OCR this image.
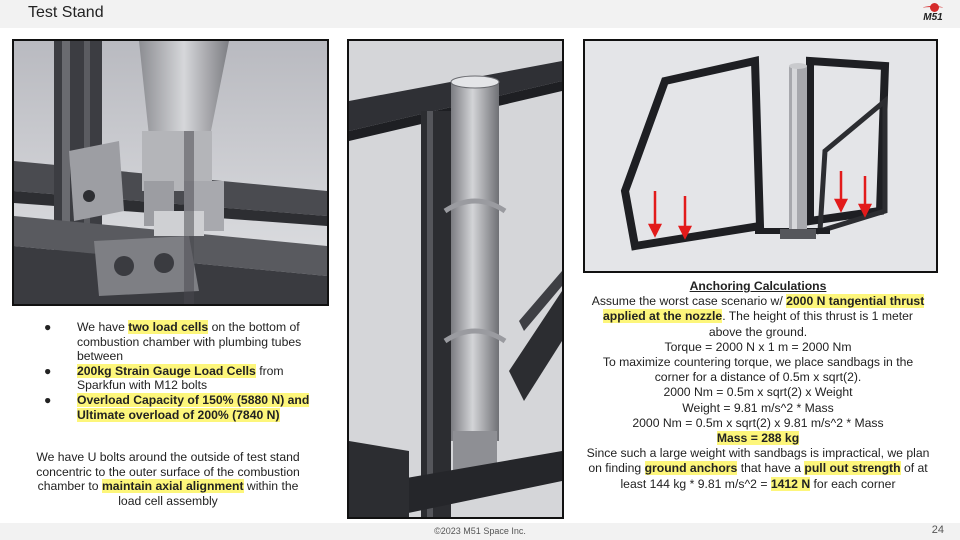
Test Stand	M51

● We have two load cells on the bottom of combustion chamber with plumbing tubes between

● 200kg Strain Gauge Load Cells from Sparkfun with M12 bolts

● Overload Capacity of 150% (5880 N) and Ultimate overload of 200% (7840 N)

We have U bolts around the outside of test stand concentric to the outer surface of the combustion chamber to maintain axial alignment within the load cell assembly

Anchoring Calculations

Assume the worst case scenario w/ 2000 N tangential thrust applied at the nozzle. The height of this thrust is 1 meter above the ground.

Torque = 2000 N x 1 m = 2000 Nm

To maximize countering torque, we place sandbags in the corner for a distance of 0.5m x sqrt(2).

2000 Nm = 0.5m x sqrt(2) x Weight

Weight = 9.81 m/s^2 * Mass

2000 Nm = 0.5m x sqrt(2) x 9.81 m/s^2 * Mass

Mass = 288 kg

Since such a large weight with sandbags is impractical, we plan on finding ground anchors that have a pull out strength of at least 144 kg * 9.81 m/s^2 = 1412 N for each corner

©2023 M51 Space Inc.	24
